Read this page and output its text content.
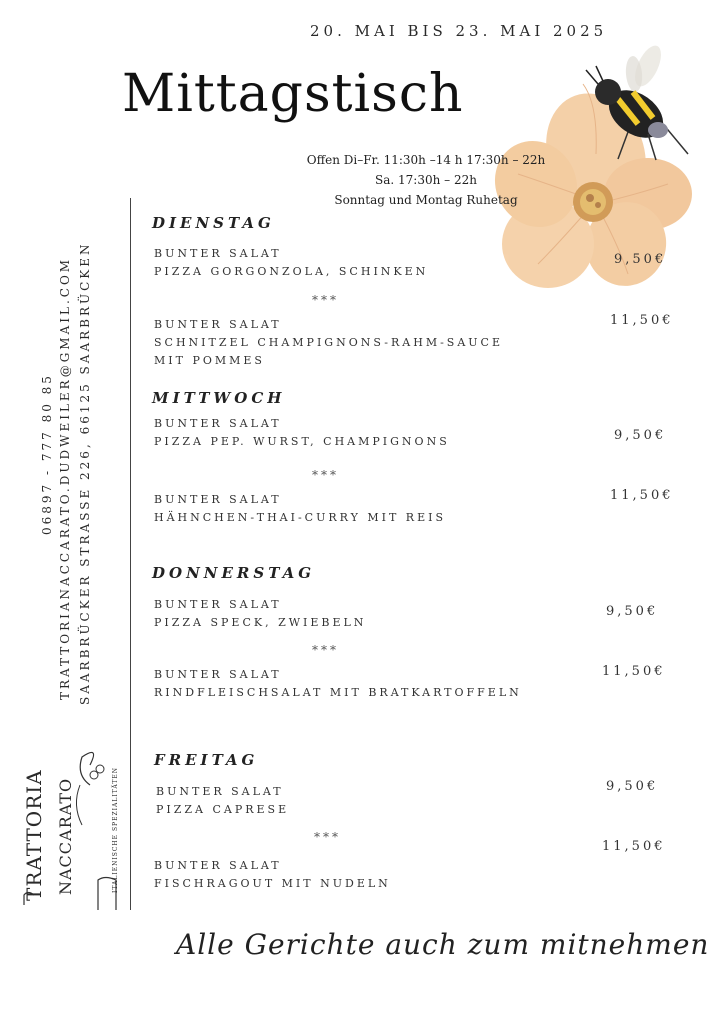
20. MAI BIS 23. MAI 2025
Mittagstisch
Offen Di–Fr. 11:30h –14 h 17:30h – 22h
Sa. 17:30h – 22h
Sonntag und Montag Ruhetag
06897 - 777 80 85 TRATTORIANACCARATO.DUDWEILER@GMAIL.COM SAARBRÜCKER STRASSE 226, 66125 SAARBRÜCKEN
DIENSTAG
BUNTER SALAT
PIZZA GORGONZOLA, SCHINKEN
9,50€
***
BUNTER SALAT
SCHNITZEL CHAMPIGNONS-RAHM-SAUCE
MIT POMMES
11,50€
MITTWOCH
BUNTER SALAT
PIZZA PEP. WURST, CHAMPIGNONS	9,50€
***
BUNTER SALAT
HÄHNCHEN-THAI-CURRY MIT REIS
11,50€
DONNERSTAG
BUNTER SALAT
PIZZA SPECK, ZWIEBELN
9,50€
***
BUNTER SALAT
RINDFLEISCHSALAT MIT BRATKARTOFFELN
11,50€
FREITAG
BUNTER SALAT
PIZZA CAPRESE
9,50€
***
BUNTER SALAT
FISCHRAGOUT MIT NUDELN
11,50€
TRATTORIA NACCARATO	ITALIENISCHE SPEZIALITÄTEN
Alle Gerichte auch zum mitnehmen
